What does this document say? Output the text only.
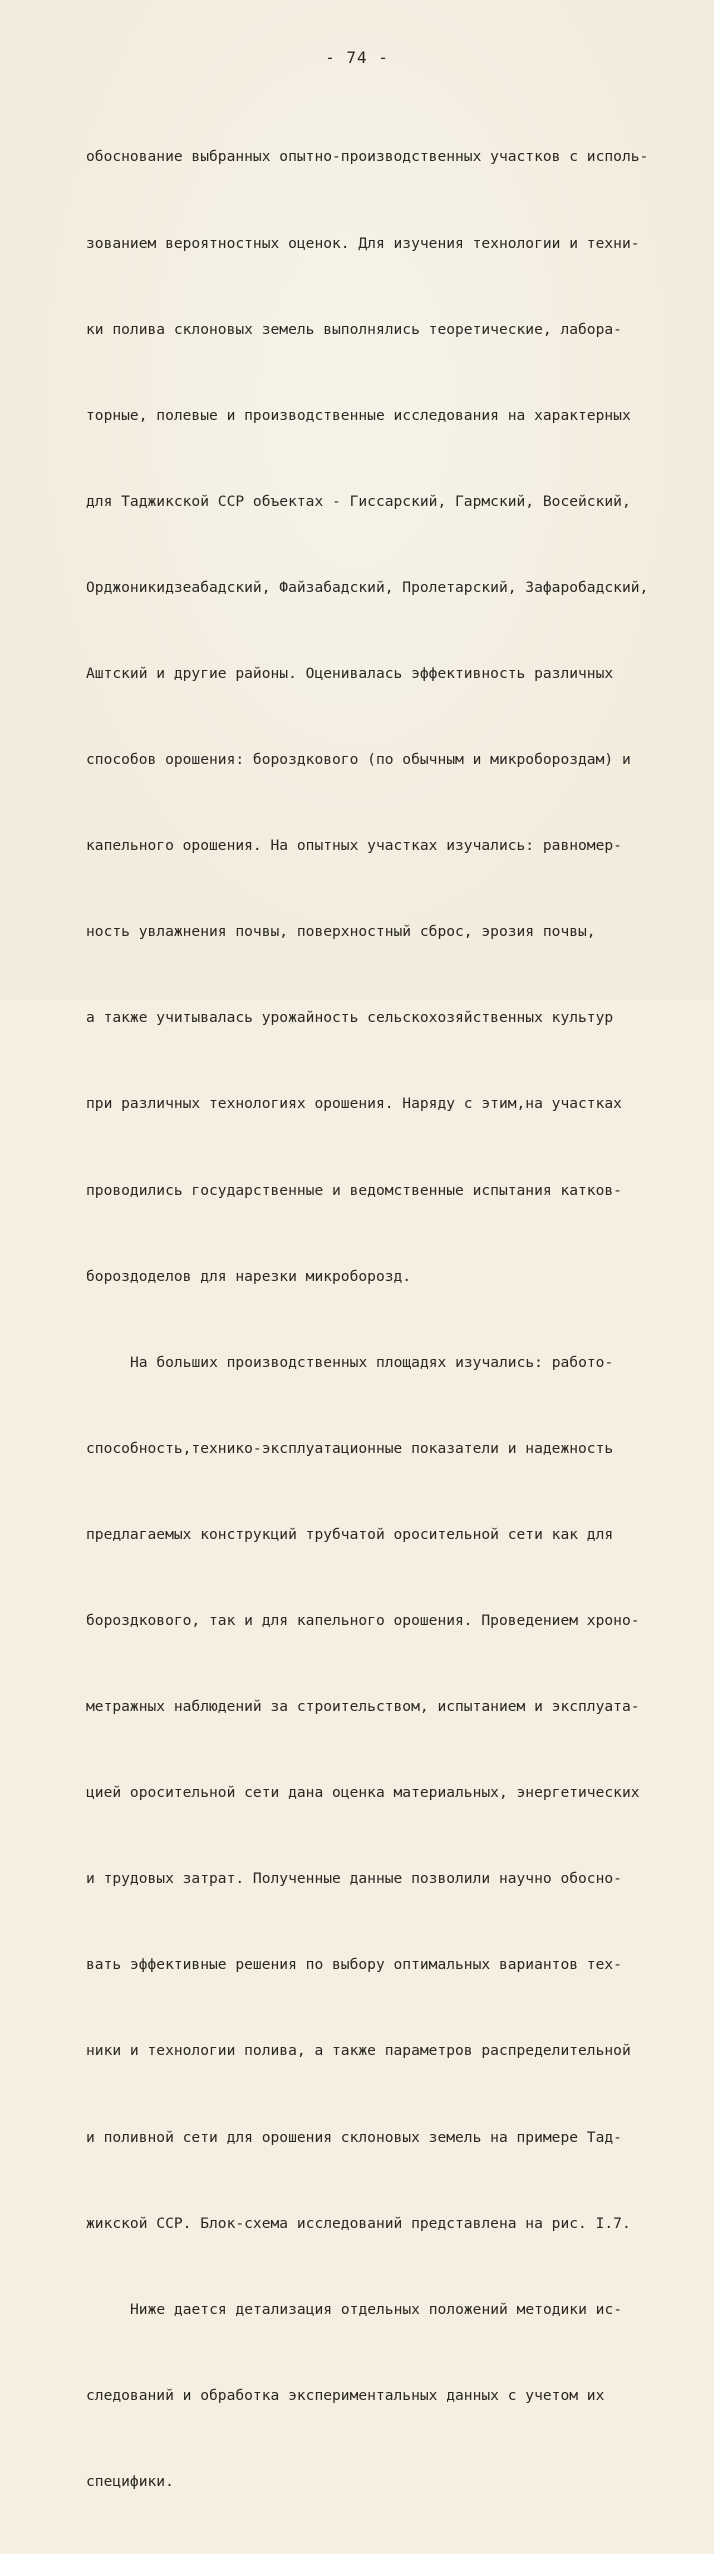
- 74 -

обоснование выбранных опытно-производственных участков с исполь-

зованием вероятностных оценок. Для изучения технологии и техни-

ки полива склоновых земель выполнялись теоретические, лабора-

торные, полевые и производственные исследования на характерных

для Таджикской ССР объектах - Гиссарский, Гармский, Восейский,

Орджоникидзеабадский, Файзабадский, Пролетарский, Зафаробадский,

Аштский и другие районы. Оценивалась эффективность различных

способов орошения: бороздкового (по обычным и микробороздам) и

капельного орошения. На опытных участках изучались: равномер-

ность увлажнения почвы, поверхностный сброс, эрозия почвы,

а также учитывалась урожайность сельскохозяйственных культур

при различных технологиях орошения. Наряду с этим,на участках

проводились государственные и ведомственные испытания катков-

бороздоделов для нарезки микроборозд.

На больших производственных площадях изучались: работо-

способность,технико-эксплуатационные показатели и надежность

предлагаемых конструкций трубчатой оросительной сети как для

бороздкового, так и для капельного орошения. Проведением хроно-

метражных наблюдений за строительством, испытанием и эксплуата-

цией оросительной сети дана оценка материальных, энергетических

и трудовых затрат. Полученные данные позволили научно обосно-

вать эффективные решения по выбору оптимальных вариантов тех-

ники и технологии полива, а также параметров распределительной

и поливной сети для орошения склоновых земель на примере Тад-

жикской ССР. Блок-схема исследований представлена на рис. I.7.

Ниже дается детализация отдельных положений методики ис-

следований и обработка экспериментальных данных с учетом их

специфики.
